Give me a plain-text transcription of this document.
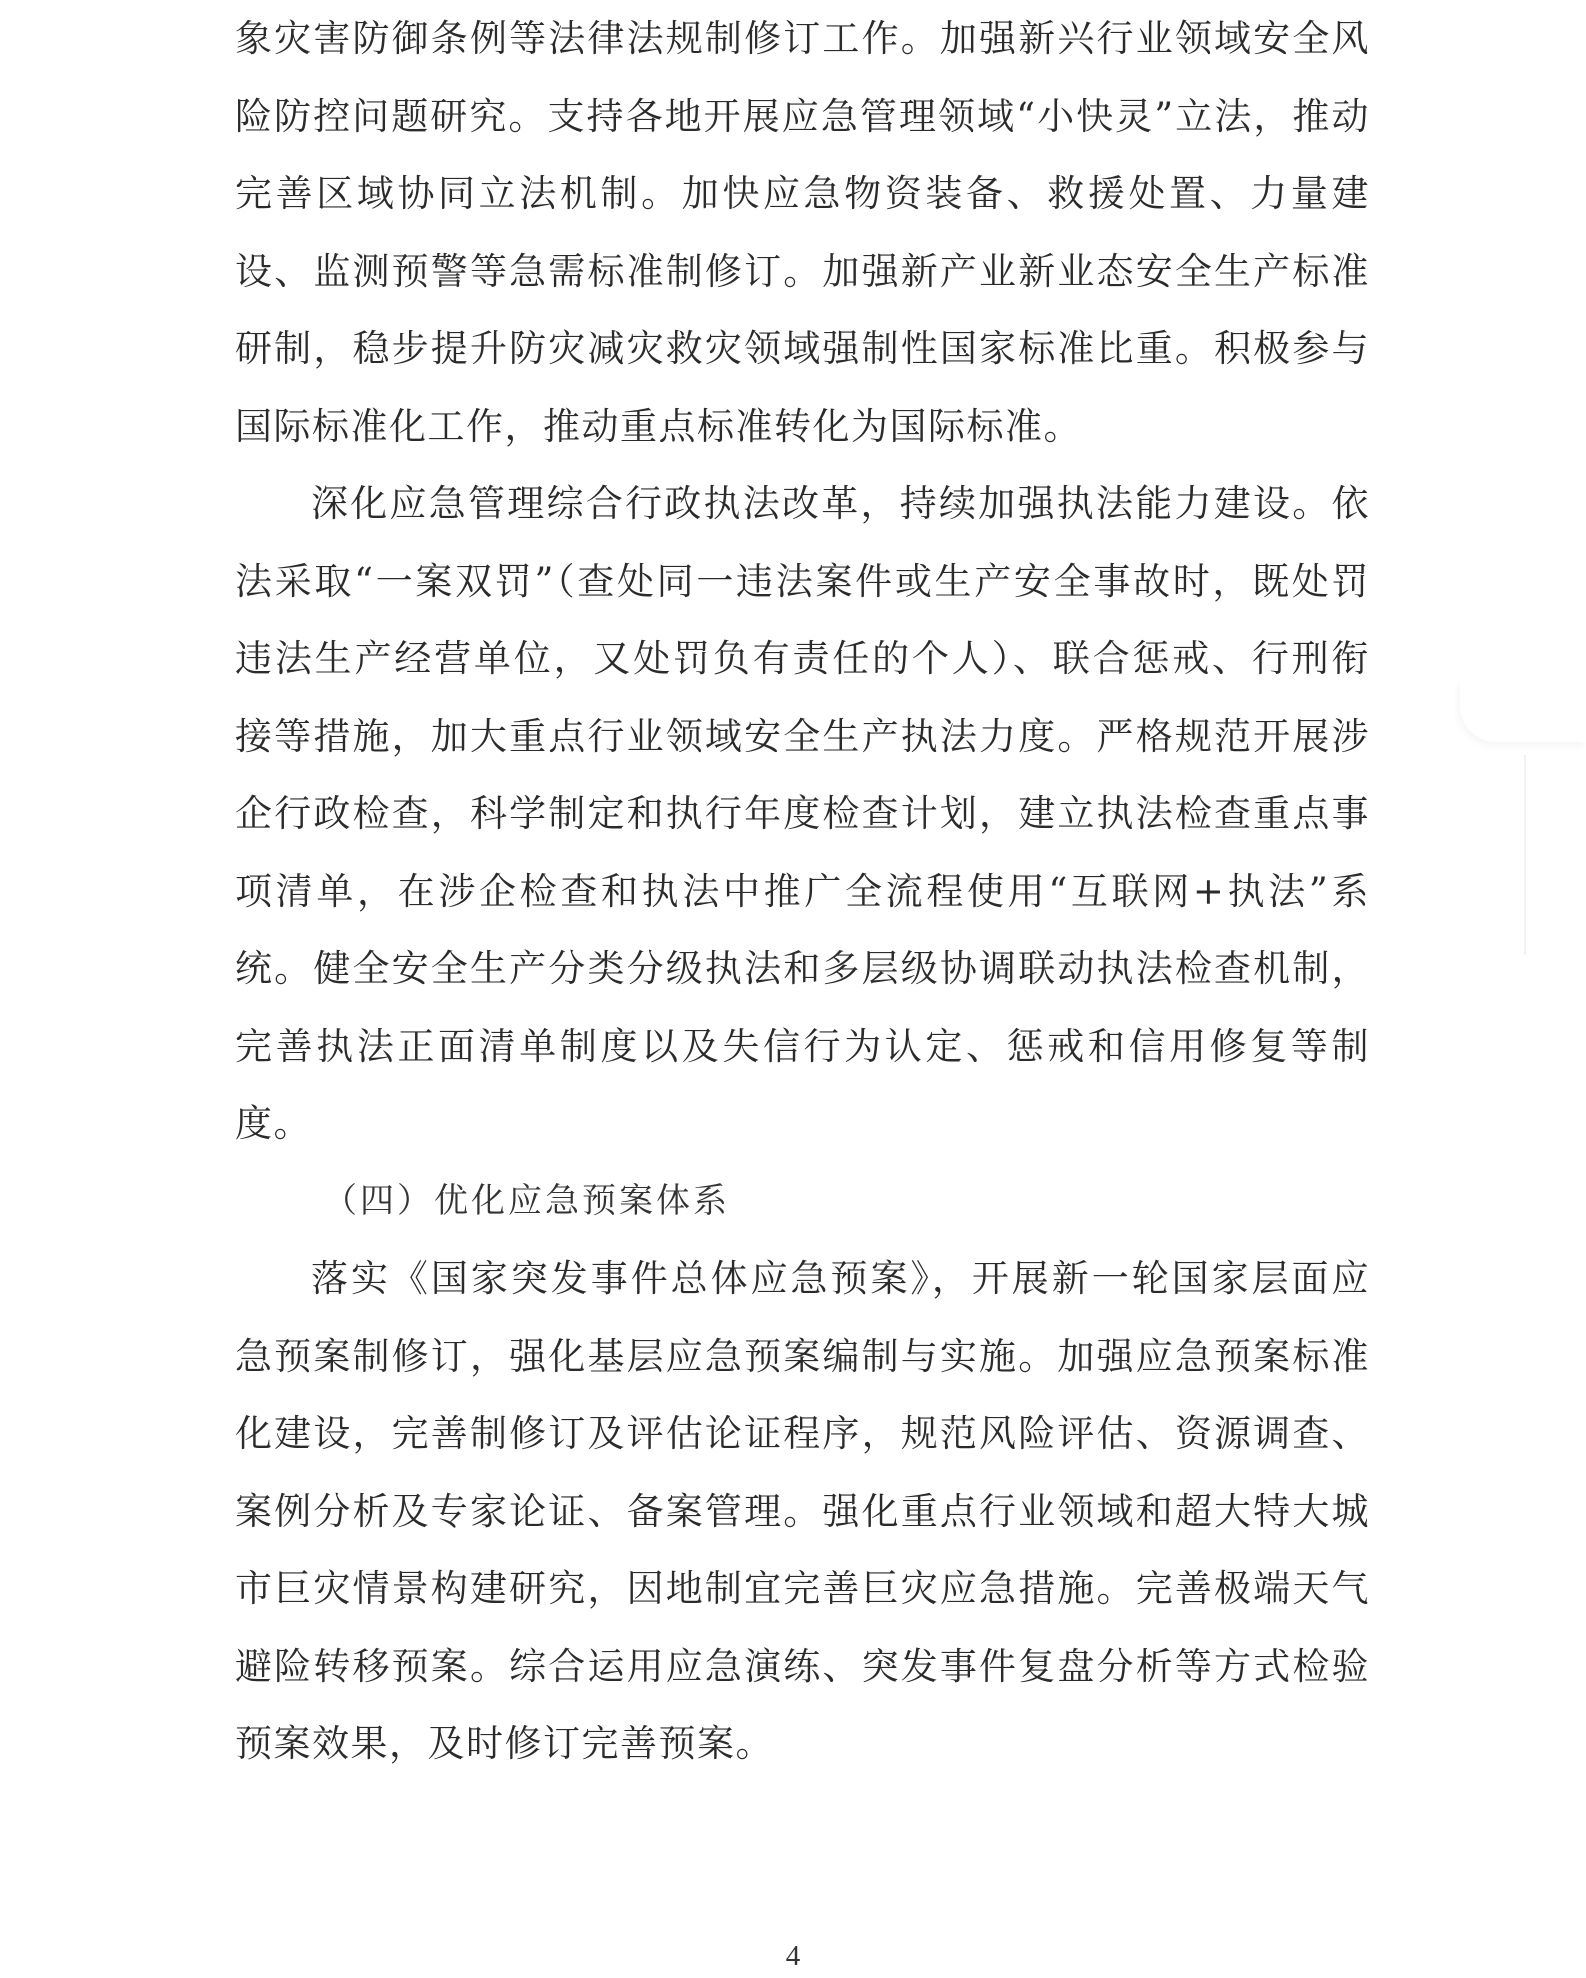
象灾害防御条例等法律法规制修订工作。加强新兴行业领域安全风险防控问题研究。支持各地开展应急管理领域“小快灵”立法，推动完善区域协同立法机制。加快应急物资装备、救援处置、力量建设、监测预警等急需标准制修订。加强新产业新业态安全生产标准研制，稳步提升防灾减灾救灾领域强制性国家标准比重。积极参与国际标准化工作，推动重点标准转化为国际标准。

深化应急管理综合行政执法改革，持续加强执法能力建设。依法采取“一案双罚”（查处同一违法案件或生产安全事故时，既处罚违法生产经营单位，又处罚负有责任的个人）、联合惩戒、行刑衔接等措施，加大重点行业领域安全生产执法力度。严格规范开展涉企行政检查，科学制定和执行年度检查计划，建立执法检查重点事项清单，在涉企检查和执法中推广全流程使用“互联网+执法”系统。健全安全生产分类分级执法和多层级协调联动执法检查机制，完善执法正面清单制度以及失信行为认定、惩戒和信用修复等制度。

（四）优化应急预案体系

落实《国家突发事件总体应急预案》，开展新一轮国家层面应急预案制修订，强化基层应急预案编制与实施。加强应急预案标准化建设，完善制修订及评估论证程序，规范风险评估、资源调查、案例分析及专家论证、备案管理。强化重点行业领域和超大特大城市巨灾情景构建研究，因地制宜完善巨灾应急措施。完善极端天气避险转移预案。综合运用应急演练、突发事件复盘分析等方式检验预案效果，及时修订完善预案。

4
